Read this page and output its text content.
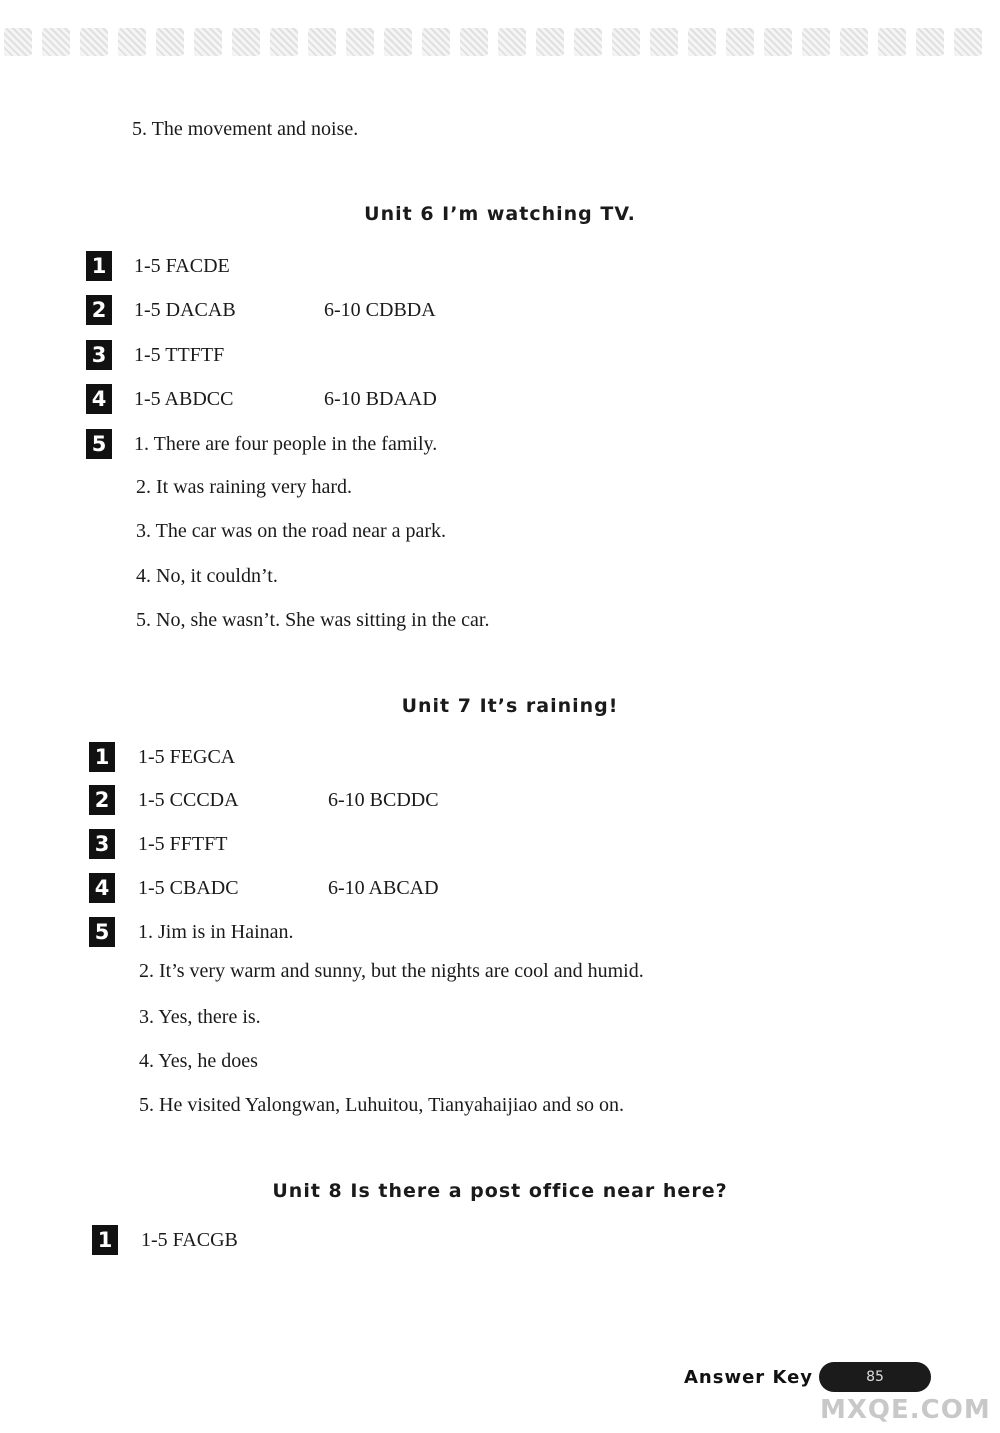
5. The movement and noise.
Unit 6 I’m watching TV.
1 1-5 FACDE
2 1-5 DACAB	6-10 CDBDA
3 1-5 TTFTF
4 1-5 ABDCC	6-10 BDAAD
5 1. There are four people in the family.
2. It was raining very hard.
3. The car was on the road near a park.
4. No, it couldn’t.
5. No, she wasn’t. She was sitting in the car.
Unit 7 It’s raining!
1 1-5 FEGCA
2 1-5 CCCDA	6-10 BCDDC
3 1-5 FFTFT
4 1-5 CBADC	6-10 ABCAD
5 1. Jim is in Hainan.
2. It’s very warm and sunny, but the nights are cool and humid.
3. Yes, there is.
4. Yes, he does
5. He visited Yalongwan, Luhuitou, Tianyahaijiao and so on.
Unit 8 Is there a post office near here?
1 1-5 FACGB
Answer Key	85
MXQE.COM
